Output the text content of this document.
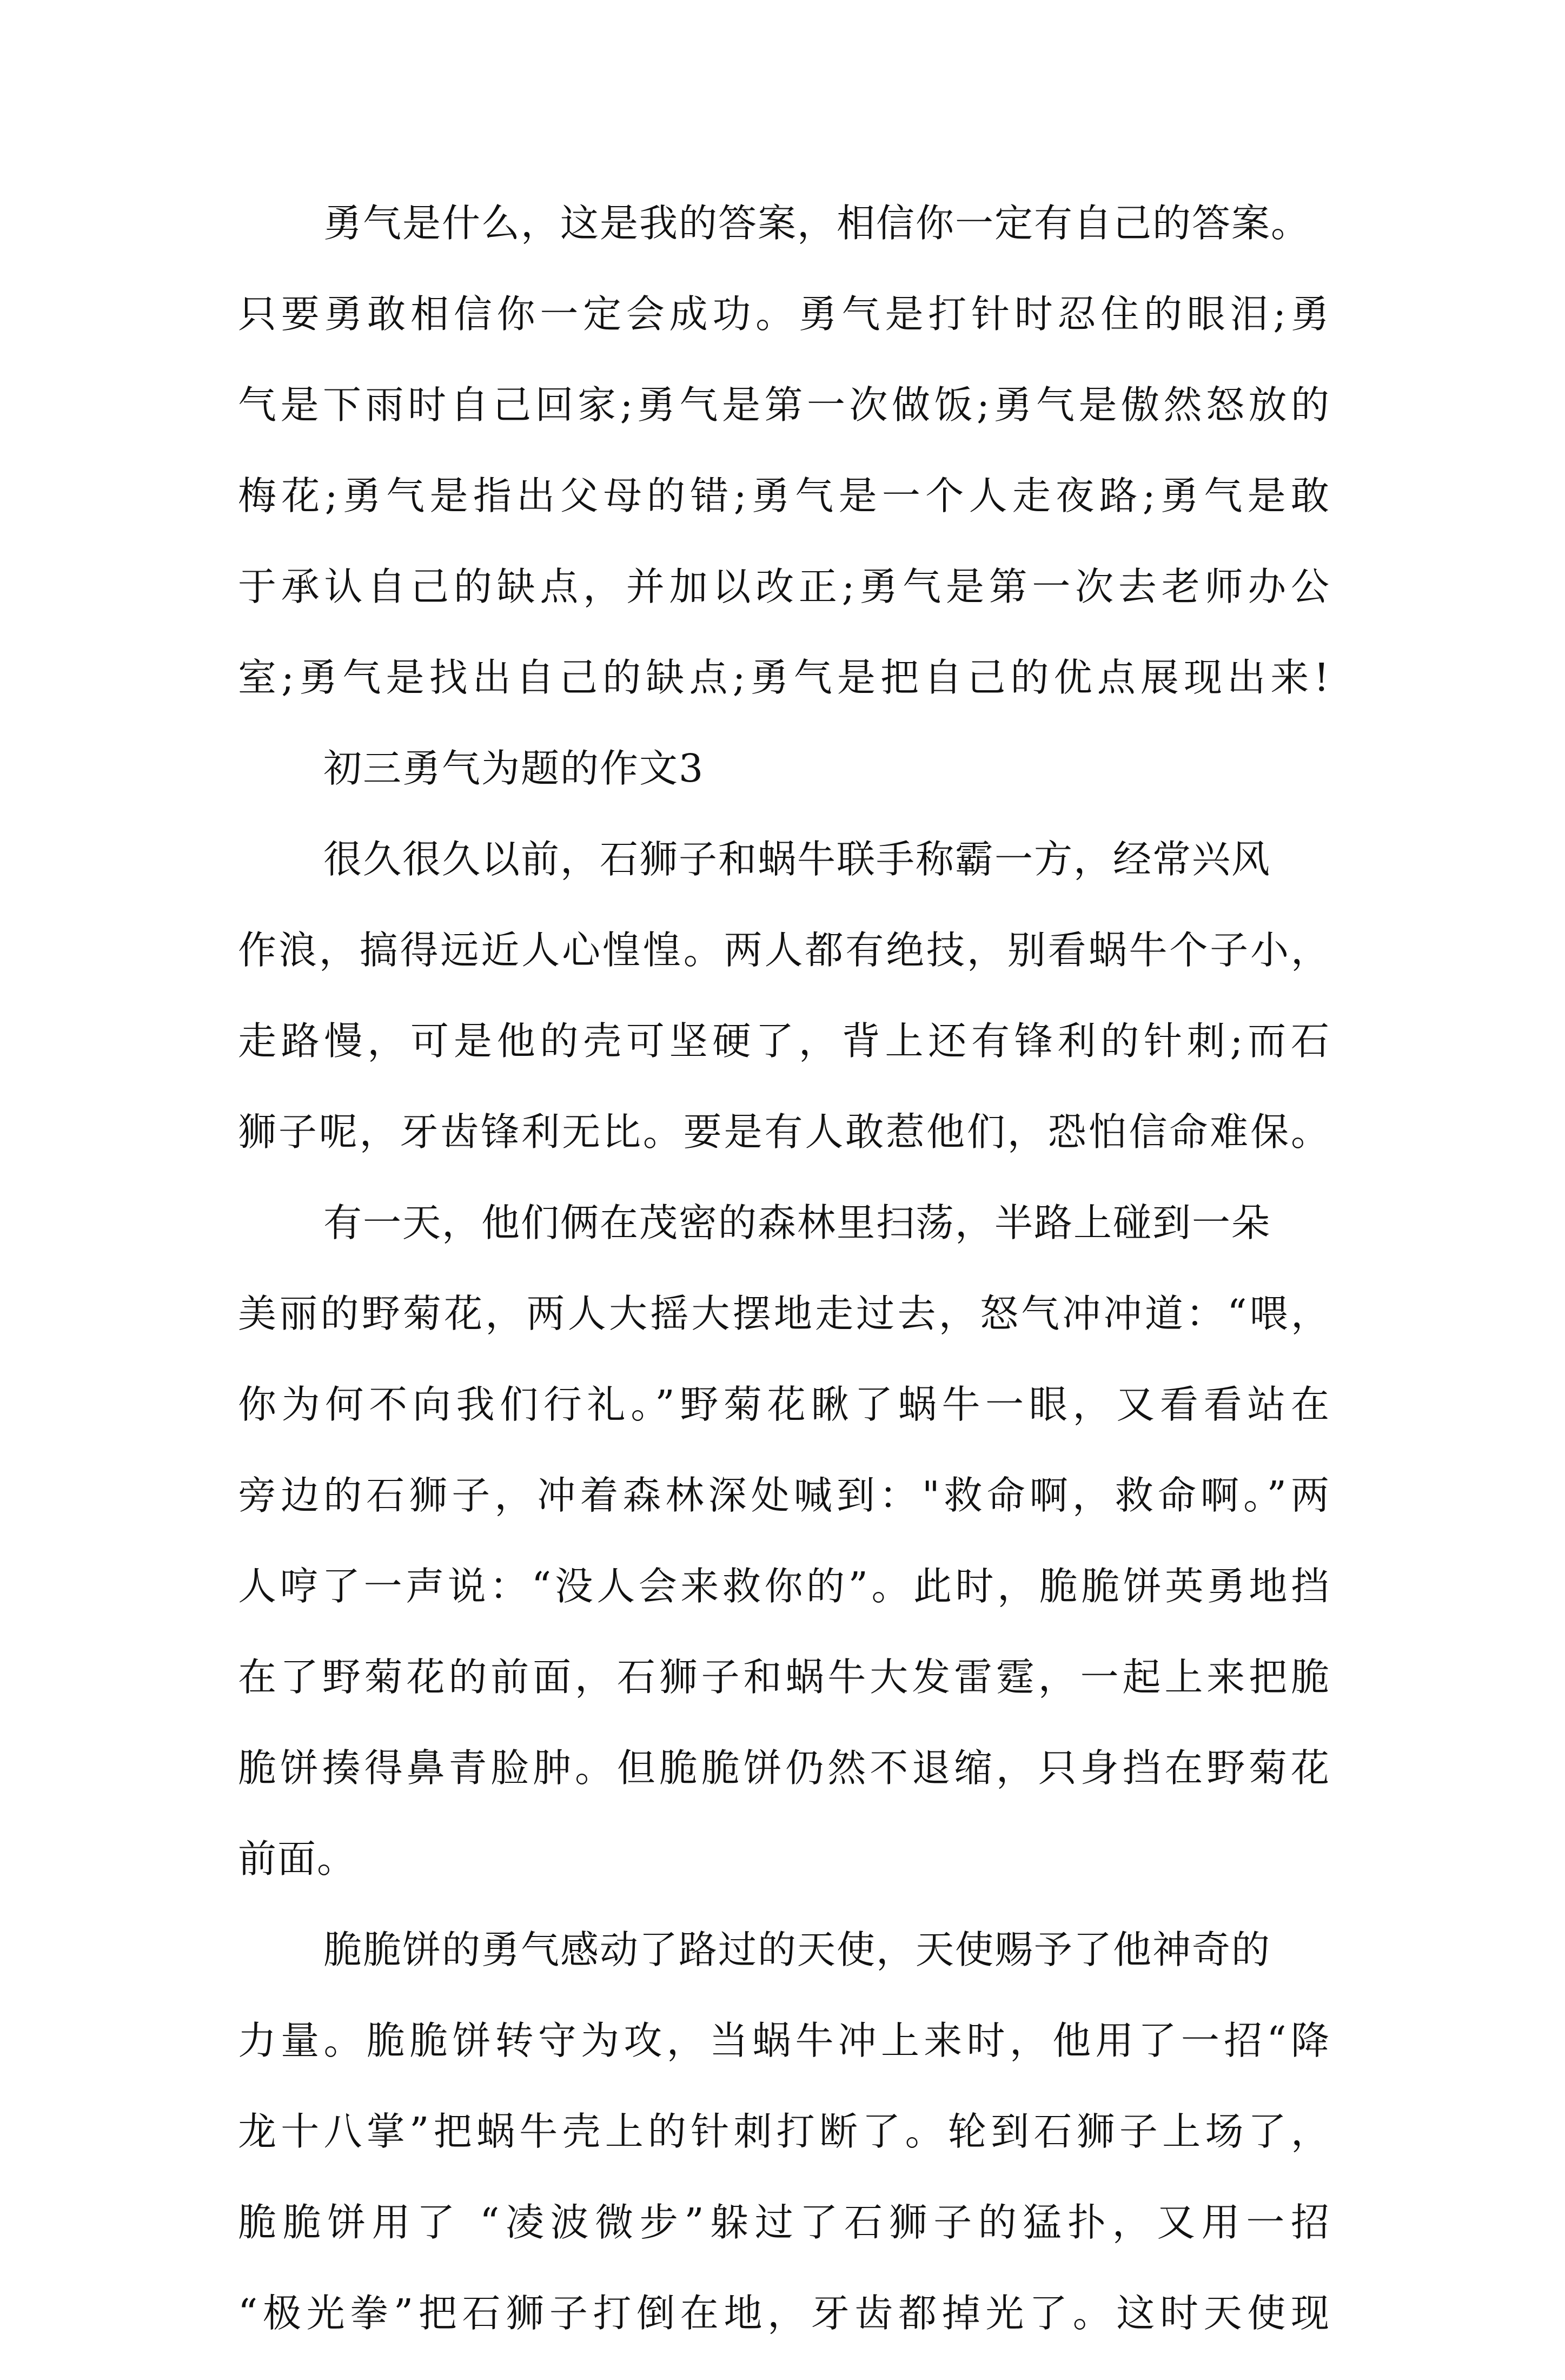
勇气是什么，这是我的答案，相信你一定有自己的答案。
只要勇敢相信你一定会成功。勇气是打针时忍住的眼泪;勇
气是下雨时自己回家;勇气是第一次做饭;勇气是傲然怒放的
梅花;勇气是指出父母的错;勇气是一个人走夜路;勇气是敢
于承认自己的缺点，并加以改正;勇气是第一次去老师办公
室;勇气是找出自己的缺点;勇气是把自己的优点展现出来!
初三勇气为题的作文3
很久很久以前，石狮子和蜗牛联手称霸一方，经常兴风
作浪，搞得远近人心惶惶。两人都有绝技，别看蜗牛个子小，
走路慢，可是他的壳可坚硬了，背上还有锋利的针刺;而石
狮子呢，牙齿锋利无比。要是有人敢惹他们，恐怕信命难保。
有一天，他们俩在茂密的森林里扫荡，半路上碰到一朵
美丽的野菊花，两人大摇大摆地走过去，怒气冲冲道：“喂，
你为何不向我们行礼。”野菊花瞅了蜗牛一眼，又看看站在
旁边的石狮子，冲着森林深处喊到："救命啊，救命啊。”两
人哼了一声说：“没人会来救你的”。此时，脆脆饼英勇地挡
在了野菊花的前面，石狮子和蜗牛大发雷霆，一起上来把脆
脆饼揍得鼻青脸肿。但脆脆饼仍然不退缩，只身挡在野菊花
前面。
脆脆饼的勇气感动了路过的天使，天使赐予了他神奇的
力量。脆脆饼转守为攻，当蜗牛冲上来时，他用了一招“降
龙十八掌”把蜗牛壳上的针刺打断了。轮到石狮子上场了，
脆脆饼用了 “凌波微步”躲过了石狮子的猛扑，又用一招
“极光拳”把石狮子打倒在地，牙齿都掉光了。这时天使现
